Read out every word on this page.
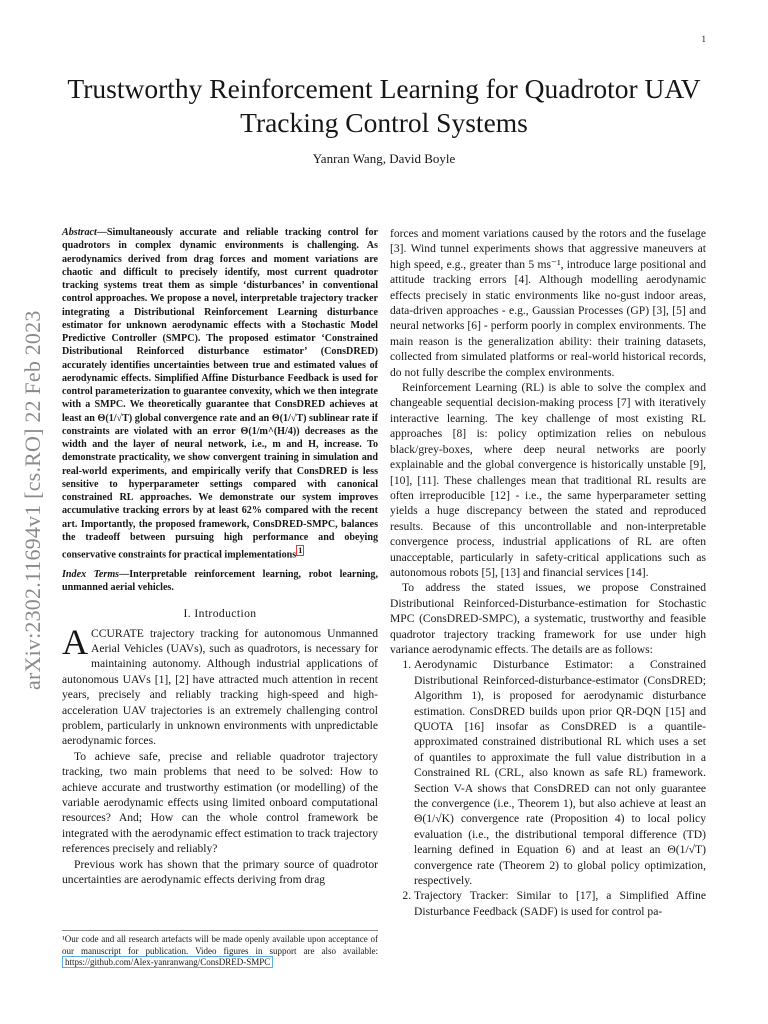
1
arXiv:2302.11694v1 [cs.RO] 22 Feb 2023
Trustworthy Reinforcement Learning for Quadrotor UAV Tracking Control Systems
Yanran Wang, David Boyle

Abstract—Simultaneously accurate and reliable tracking control for quadrotors in complex dynamic environments is challenging. As aerodynamics derived from drag forces and moment variations are chaotic and difficult to precisely identify, most current quadrotor tracking systems treat them as simple ‘disturbances’ in conventional control approaches. We propose a novel, interpretable trajectory tracker integrating a Distributional Reinforcement Learning disturbance estimator for unknown aerodynamic effects with a Stochastic Model Predictive Controller (SMPC). The proposed estimator ‘Constrained Distributional Reinforced disturbance estimator’ (ConsDRED) accurately identifies uncertainties between true and estimated values of aerodynamic effects. Simplified Affine Disturbance Feedback is used for control parameterization to guarantee convexity, which we then integrate with a SMPC. We theoretically guarantee that ConsDRED achieves at least an Θ(1/√T) global convergence rate and an Θ(1/√T) sublinear rate if constraints are violated with an error Θ(1/m^(H/4)) decreases as the width and the layer of neural network, i.e., m and H, increase. To demonstrate practicality, we show convergent training in simulation and real-world experiments, and empirically verify that ConsDRED is less sensitive to hyperparameter settings compared with canonical constrained RL approaches. We demonstrate our system improves accumulative tracking errors by at least 62% compared with the recent art. Importantly, the proposed framework, ConsDRED-SMPC, balances the tradeoff between pursuing high performance and obeying conservative constraints for practical implementations $^1$

Index Terms—Interpretable reinforcement learning, robot learning, unmanned aerial vehicles.

I. Introduction

ACCURATE trajectory tracking for autonomous Unmanned Aerial Vehicles (UAVs), such as quadrotors, is necessary for maintaining autonomy. Although industrial applications of autonomous UAVs [1], [2] have attracted much attention in recent years, precisely and reliably tracking high-speed and high-acceleration UAV trajectories is an extremely challenging control problem, particularly in unknown environments with unpredictable aerodynamic forces.

To achieve safe, precise and reliable quadrotor trajectory tracking, two main problems that need to be solved: How to achieve accurate and trustworthy estimation (or modelling) of the variable aerodynamic effects using limited onboard computational resources? And; How can the whole control framework be integrated with the aerodynamic effect estimation to track trajectory references precisely and reliably?

Previous work has shown that the primary source of quadrotor uncertainties are aerodynamic effects deriving from drag

¹Our code and all research artefacts will be made openly available upon acceptance of our manuscript for publication. Video figures in support are also available: https://github.com/Alex-yanranwang/ConsDRED-SMPC

forces and moment variations caused by the rotors and the fuselage [3]. Wind tunnel experiments shows that aggressive maneuvers at high speed, e.g., greater than 5 ms⁻¹, introduce large positional and attitude tracking errors [4]. Although modelling aerodynamic effects precisely in static environments like no-gust indoor areas, data-driven approaches - e.g., Gaussian Processes (GP) [3], [5] and neural networks [6] - perform poorly in complex environments. The main reason is the generalization ability: their training datasets, collected from simulated platforms or real-world historical records, do not fully describe the complex environments.

Reinforcement Learning (RL) is able to solve the complex and changeable sequential decision-making process [7] with iteratively interactive learning. The key challenge of most existing RL approaches [8] is: policy optimization relies on nebulous black/grey-boxes, where deep neural networks are poorly explainable and the global convergence is historically unstable [9], [10], [11]. These challenges mean that traditional RL results are often irreproducible [12] - i.e., the same hyperparameter setting yields a huge discrepancy between the stated and reproduced results. Because of this uncontrollable and non-interpretable convergence process, industrial applications of RL are often unacceptable, particularly in safety-critical applications such as autonomous robots [5], [13] and financial services [14].

To address the stated issues, we propose Constrained Distributional Reinforced-Disturbance-estimation for Stochastic MPC (ConsDRED-SMPC), a systematic, trustworthy and feasible quadrotor trajectory tracking framework for use under high variance aerodynamic effects. The details are as follows:

1. Aerodynamic Disturbance Estimator: a Constrained Distributional Reinforced-disturbance-estimator (ConsDRED; Algorithm 1), is proposed for aerodynamic disturbance estimation. ConsDRED builds upon prior QR-DQN [15] and QUOTA [16] insofar as ConsDRED is a quantile-approximated constrained distributional RL which uses a set of quantiles to approximate the full value distribution in a Constrained RL (CRL, also known as safe RL) framework. Section V-A shows that ConsDRED can not only guarantee the convergence (i.e., Theorem 1), but also achieve at least an Θ(1/√K) convergence rate (Proposition 4) to local policy evaluation (i.e., the distributional temporal difference (TD) learning defined in Equation 6) and at least an Θ(1/√T) convergence rate (Theorem 2) to global policy optimization, respectively.
2. Trajectory Tracker: Similar to [17], a Simplified Affine Disturbance Feedback (SADF) is used for control pa-
